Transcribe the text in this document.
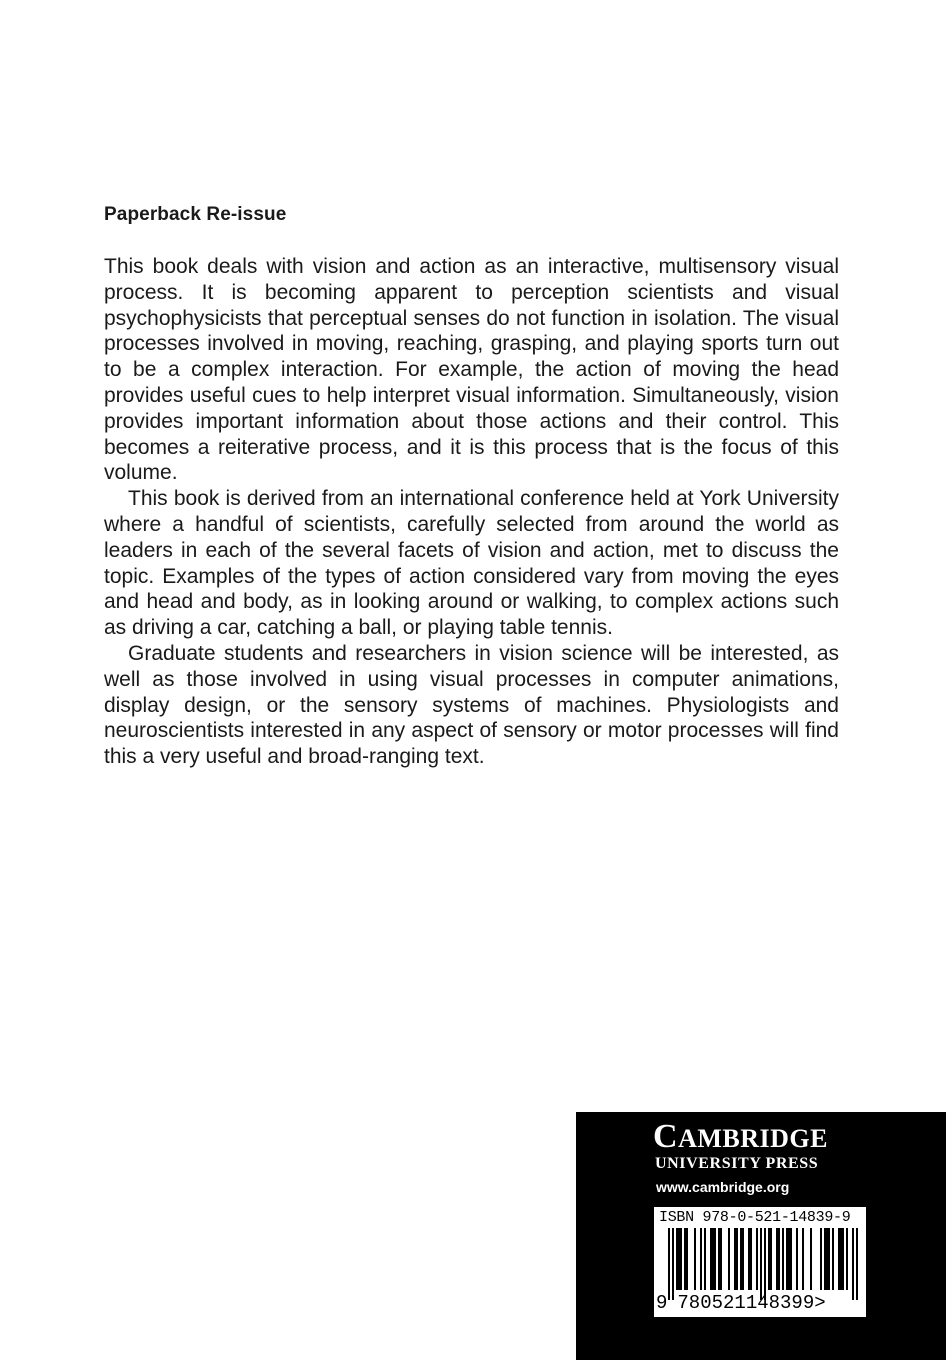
Paperback Re-issue

This book deals with vision and action as an interactive, multisensory visual process. It is becoming apparent to perception scientists and visual psychophysicists that perceptual senses do not function in isolation. The visual processes involved in moving, reaching, grasping, and playing sports turn out to be a complex interaction. For example, the action of moving the head provides useful cues to help interpret visual information. Simultaneously, vision provides important information about those actions and their control. This becomes a reiterative process, and it is this process that is the focus of this volume.

This book is derived from an international conference held at York University where a handful of scientists, carefully selected from around the world as leaders in each of the several facets of vision and action, met to discuss the topic. Examples of the types of action considered vary from moving the eyes and head and body, as in looking around or walking, to complex actions such as driving a car, catching a ball, or playing table tennis.

Graduate students and researchers in vision science will be interested, as well as those involved in using visual processes in computer animations, display design, or the sensory systems of machines. Physiologists and neuroscientists interested in any aspect of sensory or motor processes will find this a very useful and broad-ranging text.

CAMBRIDGE
UNIVERSITY PRESS
www.cambridge.org
ISBN 978-0-521-14839-9
9 780521148399>
